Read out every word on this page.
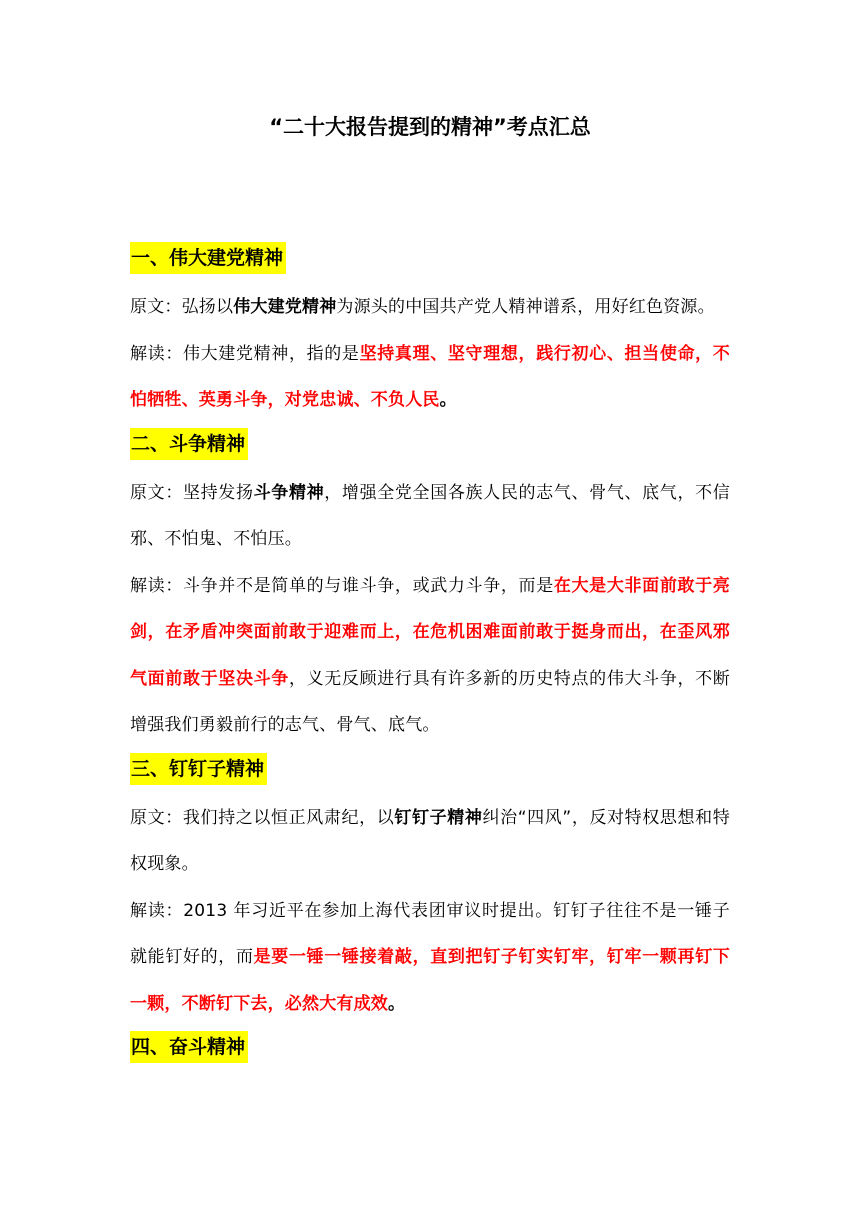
“二十大报告提到的精神”考点汇总
一、伟大建党精神

原文：弘扬以伟大建党精神为源头的中国共产党人精神谱系，用好红色资源。

解读：伟大建党精神，指的是坚持真理、坚守理想，践行初心、担当使命，不怕牺牲、英勇斗争，对党忠诚、不负人民。

二、斗争精神

原文：坚持发扬斗争精神，增强全党全国各族人民的志气、骨气、底气，不信邪、不怕鬼、不怕压。

解读：斗争并不是简单的与谁斗争，或武力斗争，而是在大是大非面前敢于亮剑，在矛盾冲突面前敢于迎难而上，在危机困难面前敢于挺身而出，在歪风邪气面前敢于坚决斗争，义无反顾进行具有许多新的历史特点的伟大斗争，不断增强我们勇毅前行的志气、骨气、底气。

三、钉钉子精神

原文：我们持之以恒正风肃纪，以钉钉子精神纠治“四风”，反对特权思想和特权现象。

解读：2013 年习近平在参加上海代表团审议时提出。钉钉子往往不是一锤子就能钉好的，而是要一锤一锤接着敲，直到把钉子钉实钉牢，钉牢一颗再钉下一颗，不断钉下去，必然大有成效。

四、奋斗精神
